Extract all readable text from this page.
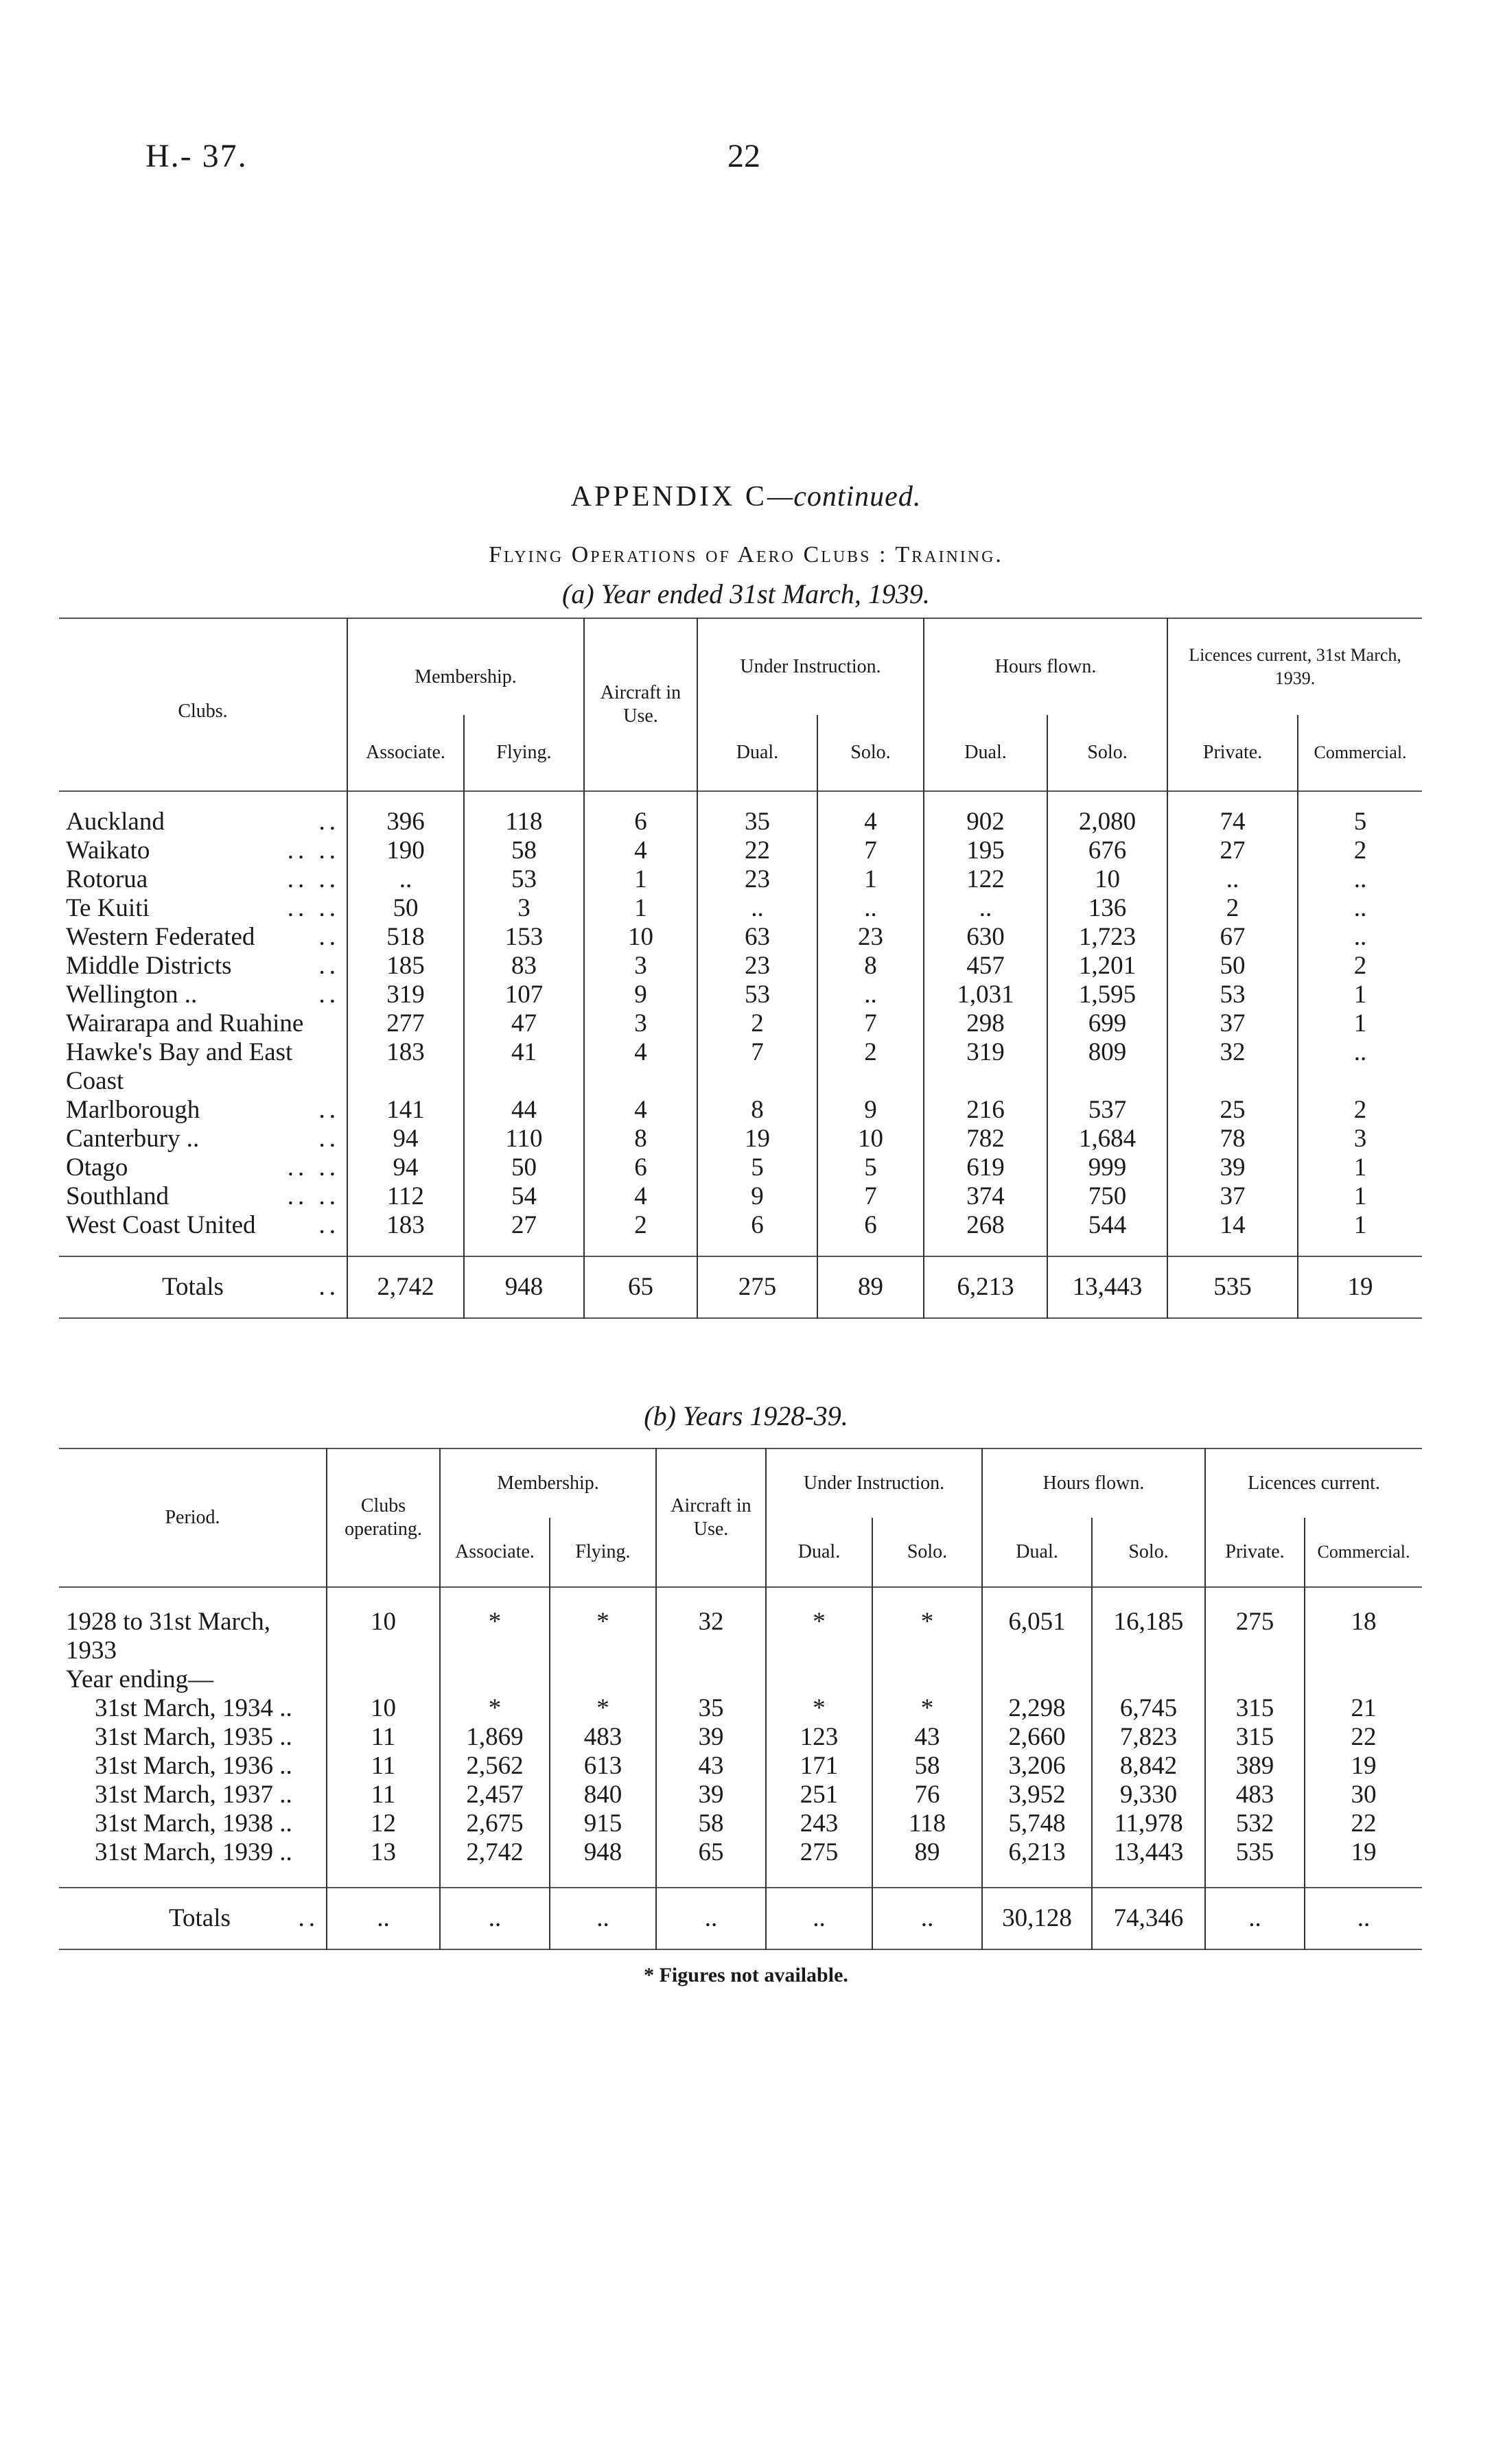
H.- 37.	22
APPENDIX C—continued.
Flying Operations of Aero Clubs : Training.
(a) Year ended 31st March, 1939.
Clubs.	Membership.		Aircraft in Use.	Under Instruction.		Hours flown.		Licences current, 31st March, 1939.	
	Associate.	Flying.		Dual.	Solo.	Dual.	Solo.	Private.	Commercial.

..
Auckland	396	118	6	35	4	902	2,080	74	5

.. ..
Waikato	190	58	4	22	7	195	676	27	2

.. ..
Rotorua	..	53	1	23	1	122	10	..	..

.. ..
Te Kuiti	50	3	1	..	..	..	136	2	..

..
Western Federated	518	153	10	63	23	630	1,723	67	..

..
Middle Districts	185	83	3	23	8	457	1,201	50	2

..
Wellington ..	319	107	9	53	..	1,031	1,595	53	1

Wairarapa and Ruahine	277	47	3	2	7	298	699	37	1

Hawke's Bay and East Coast	183	41	4	7	2	319	809	32	..

..
Marlborough	141	44	4	8	9	216	537	25	2

..
Canterbury ..	94	110	8	19	10	782	1,684	78	3

.. ..
Otago	94	50	6	5	5	619	999	39	1

.. ..
Southland	112	54	4	9	7	374	750	37	1

..
West Coast United	183	27	2	6	6	268	544	14	1

Totals ..	2,742	948	65	275	89	6,213	13,443	535	19
(b) Years 1928-39.
Period.	Clubs operating.	Membership.		Aircraft in Use.	Under Instruction.		Hours flown.		Licences current.	
		Associate.	Flying.		Dual.	Solo.	Dual.	Solo.	Private.	Commercial.

1928 to 31st March, 1933	10	*	*	32	*	*	6,051	16,185	275	18
Year ending—										
31st March, 1934 ..	10	*	*	35	*	*	2,298	6,745	315	21
31st March, 1935 ..	11	1,869	483	39	123	43	2,660	7,823	315	22
31st March, 1936 ..	11	2,562	613	43	171	58	3,206	8,842	389	19
31st March, 1937 ..	11	2,457	840	39	251	76	3,952	9,330	483	30
31st March, 1938 ..	12	2,675	915	58	243	118	5,748	11,978	532	22
31st March, 1939 ..	13	2,742	948	65	275	89	6,213	13,443	535	19

Totals ..	..	..	..	..	..	..	30,128	74,346	..	..
* Figures not available.
